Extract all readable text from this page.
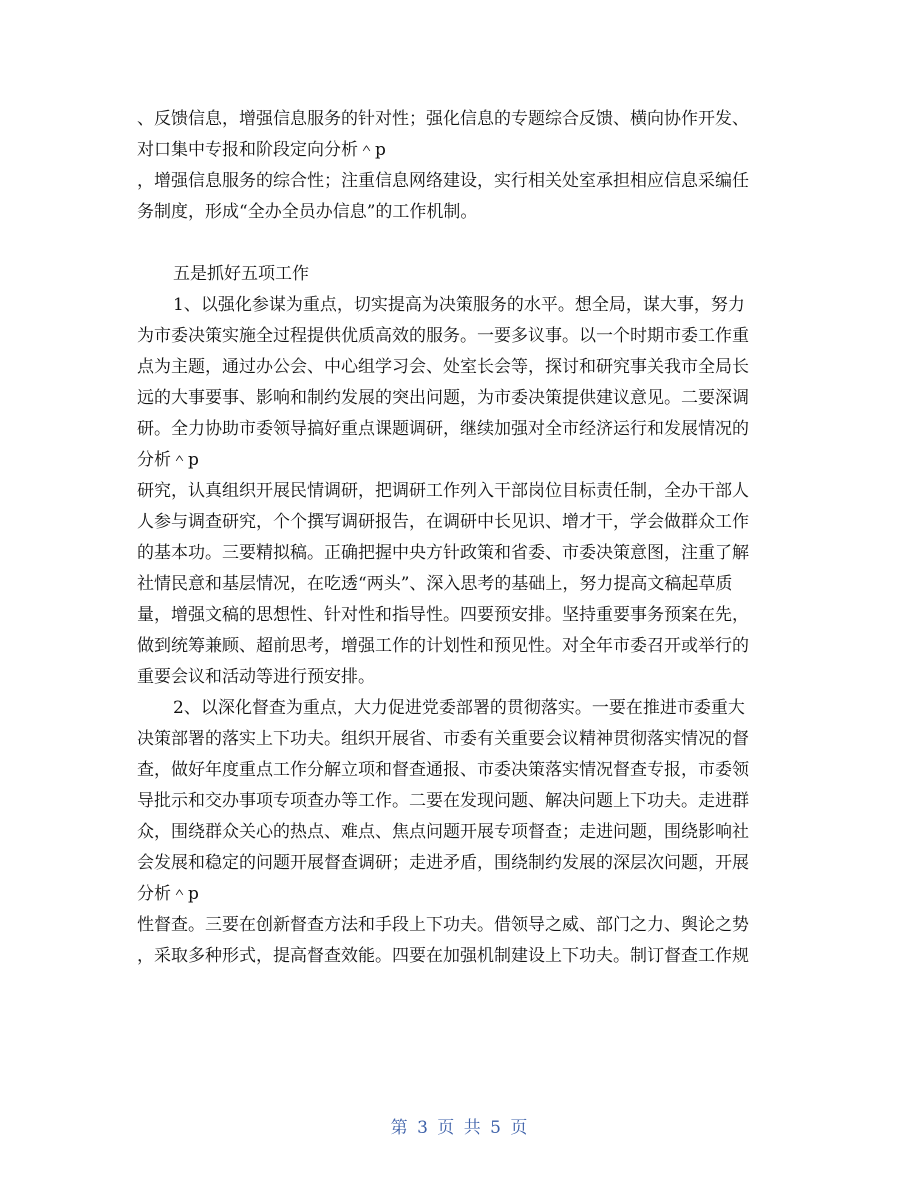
、反馈信息，增强信息服务的针对性；强化信息的专题综合反馈、横向协作开发、
对口集中专报和阶段定向分析＾p
，增强信息服务的综合性；注重信息网络建设，实行相关处室承担相应信息采编任
务制度，形成“全办全员办信息”的工作机制。
五是抓好五项工作
1、以强化参谋为重点，切实提高为决策服务的水平。想全局，谋大事，努力
为市委决策实施全过程提供优质高效的服务。一要多议事。以一个时期市委工作重
点为主题，通过办公会、中心组学习会、处室长会等，探讨和研究事关我市全局长
远的大事要事、影响和制约发展的突出问题，为市委决策提供建议意见。二要深调
研。全力协助市委领导搞好重点课题调研，继续加强对全市经济运行和发展情况的
分析＾p
研究，认真组织开展民情调研，把调研工作列入干部岗位目标责任制，全办干部人
人参与调查研究，个个撰写调研报告，在调研中长见识、增才干，学会做群众工作
的基本功。三要精拟稿。正确把握中央方针政策和省委、市委决策意图，注重了解
社情民意和基层情况，在吃透“两头”、深入思考的基础上，努力提高文稿起草质
量，增强文稿的思想性、针对性和指导性。四要预安排。坚持重要事务预案在先，
做到统筹兼顾、超前思考，增强工作的计划性和预见性。对全年市委召开或举行的
重要会议和活动等进行预安排。
2、以深化督查为重点，大力促进党委部署的贯彻落实。一要在推进市委重大
决策部署的落实上下功夫。组织开展省、市委有关重要会议精神贯彻落实情况的督
查，做好年度重点工作分解立项和督查通报、市委决策落实情况督查专报，市委领
导批示和交办事项专项查办等工作。二要在发现问题、解决问题上下功夫。走进群
众，围绕群众关心的热点、难点、焦点问题开展专项督查；走进问题，围绕影响社
会发展和稳定的问题开展督查调研；走进矛盾，围绕制约发展的深层次问题，开展
分析＾p
性督查。三要在创新督查方法和手段上下功夫。借领导之威、部门之力、舆论之势
，采取多种形式，提高督查效能。四要在加强机制建设上下功夫。制订督查工作规
第 3 页 共 5 页
